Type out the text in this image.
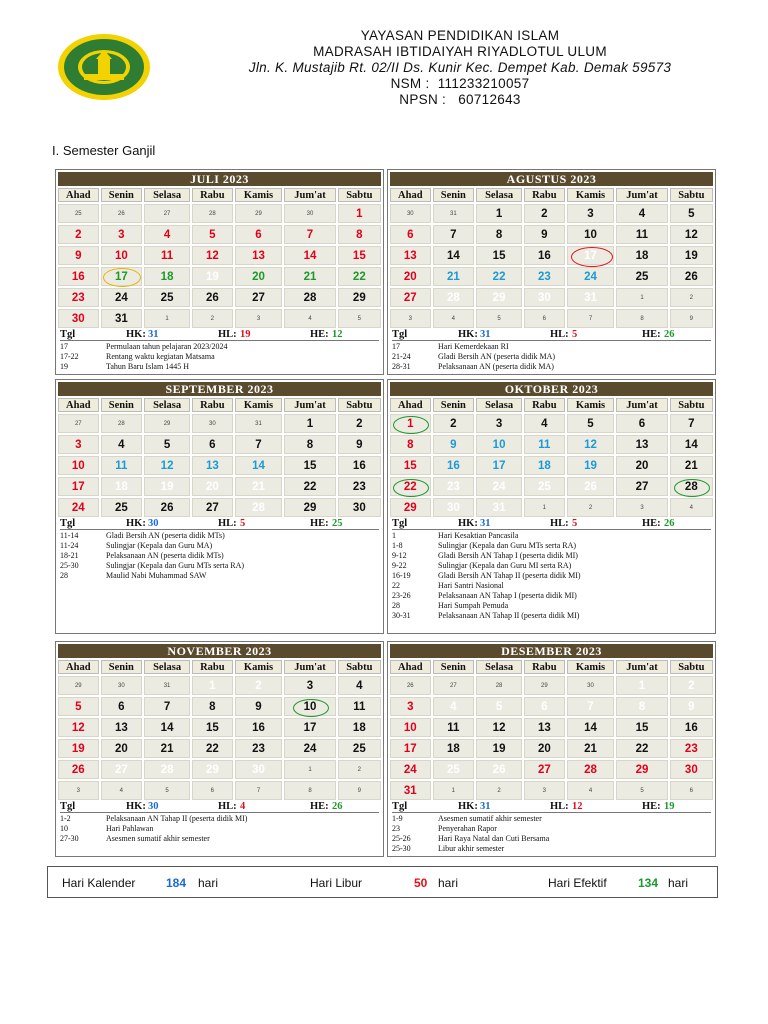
YAYASAN PENDIDIKAN ISLAM
MADRASAH IBTIDAIYAH RIYADLOTUL ULUM
Jln. K. Mustajib Rt. 02/II Ds. Kunir Kec. Dempet Kab. Demak 59573
NSM : 111233210057
NPSN : 60712643
I. Semester Ganjil
JULI 2023
Ahad	Senin	Selasa	Rabu	Kamis	Jum'at	Sabtu
25	26	27	28	29	30	1
2	3	4	5	6	7	8
9	10	11	12	13	14	15
16	17	18	19	20	21	22
23	24	25	26	27	28	29
30	31	1	2	3	4	5
Tgl	HK: 31	HL: 19	HE: 12
17	Permulaan tahun pelajaran 2023/2024
17-22	Rentang waktu kegiatan Matsama
19	Tahun Baru Islam 1445 H
AGUSTUS 2023
Ahad	Senin	Selasa	Rabu	Kamis	Jum'at	Sabtu
30	31	1	2	3	4	5
6	7	8	9	10	11	12
13	14	15	16	17	18	19
20	21	22	23	24	25	26
27	28	29	30	31	1	2
3	4	5	6	7	8	9
Tgl	HK: 31	HL: 5	HE: 26
17	Hari Kemerdekaan RI
21-24	Gladi Bersih AN (peserta didik MA)
28-31	Pelaksanaan AN (peserta didik MA)
SEPTEMBER 2023
Ahad	Senin	Selasa	Rabu	Kamis	Jum'at	Sabtu
27	28	29	30	31	1	2
3	4	5	6	7	8	9
10	11	12	13	14	15	16
17	18	19	20	21	22	23
24	25	26	27	28	29	30
Tgl	HK: 30	HL: 5	HE: 25
11-14	Gladi Bersih AN (peserta didik MTs)
11-24	Sulingjar (Kepala dan Guru MA)
18-21	Pelaksanaan AN (peserta didik MTs)
25-30	Sulingjar (Kepala dan Guru MTs serta RA)
28	Maulid Nabi Muhammad SAW
OKTOBER 2023
Ahad	Senin	Selasa	Rabu	Kamis	Jum'at	Sabtu
1	2	3	4	5	6	7
8	9	10	11	12	13	14
15	16	17	18	19	20	21
22	23	24	25	26	27	28
29	30	31	1	2	3	4
Tgl	HK: 31	HL: 5	HE: 26
1	Hari Kesaktian Pancasila
1-8	Sulingjar (Kepala dan Guru MTs serta RA)
9-12	Gladi Bersih AN Tahap I (peserta didik MI)
9-22	Sulingjar (Kepala dan Guru MI serta RA)
16-19	Gladi Bersih AN Tahap II (peserta didik MI)
22	Hari Santri Nasional
23-26	Pelaksanaan AN Tahap I (peserta didik MI)
28	Hari Sumpah Pemuda
30-31	Pelaksanaan AN Tahap II (peserta didik MI)
NOVEMBER 2023
Ahad	Senin	Selasa	Rabu	Kamis	Jum'at	Sabtu
29	30	31	1	2	3	4
5	6	7	8	9	10	11
12	13	14	15	16	17	18
19	20	21	22	23	24	25
26	27	28	29	30	1	2
3	4	5	6	7	8	9
Tgl	HK: 30	HL: 4	HE: 26
1-2	Pelaksanaan AN Tahap II (peserta didik MI)
10	Hari Pahlawan
27-30	Asesmen sumatif akhir semester
DESEMBER 2023
Ahad	Senin	Selasa	Rabu	Kamis	Jum'at	Sabtu
26	27	28	29	30	1	2
3	4	5	6	7	8	9
10	11	12	13	14	15	16
17	18	19	20	21	22	23
24	25	26	27	28	29	30
31	1	2	3	4	5	6
Tgl	HK: 31	HL: 12	HE: 19
1-9	Asesmen sumatif akhir semester
23	Penyerahan Rapor
25-26	Hari Raya Natal dan Cuti Bersama
25-30	Libur akhir semester
Hari Kalender	184 hari	Hari Libur	50 hari	Hari Efektif	134 hari
